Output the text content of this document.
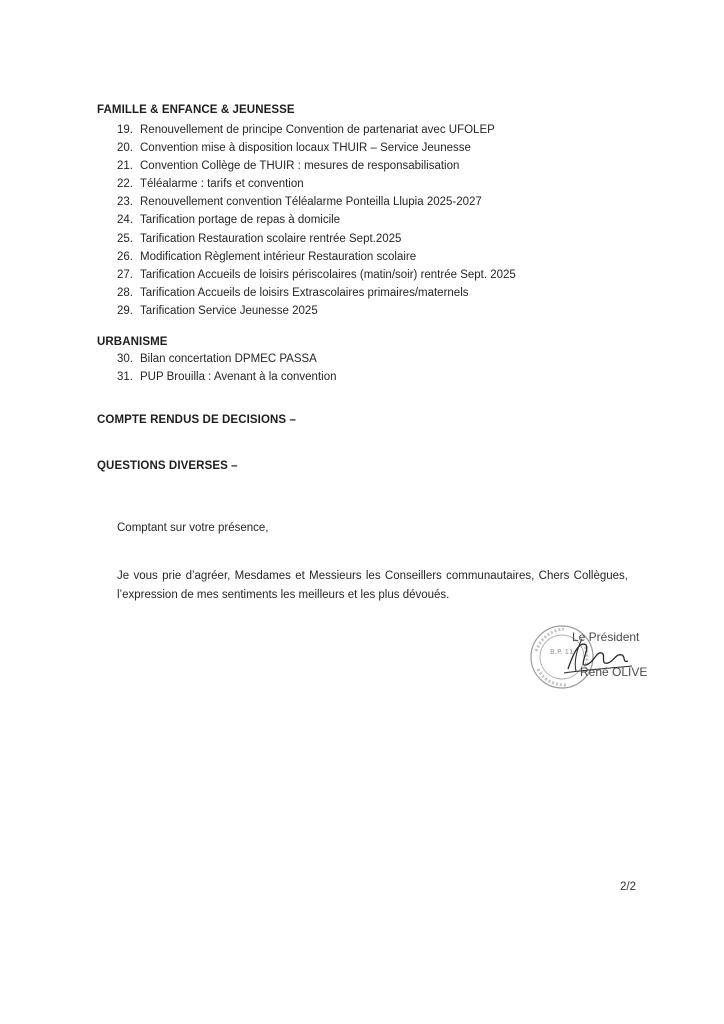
FAMILLE & ENFANCE & JEUNESSE
19. Renouvellement de principe Convention de partenariat avec UFOLEP
20. Convention mise à disposition locaux THUIR – Service Jeunesse
21. Convention Collège de THUIR : mesures de responsabilisation
22. Téléalarme : tarifs et convention
23. Renouvellement convention Téléalarme Ponteilla Llupia 2025-2027
24. Tarification portage de repas à domicile
25. Tarification Restauration scolaire rentrée Sept.2025
26. Modification Règlement intérieur Restauration scolaire
27. Tarification Accueils de loisirs périscolaires (matin/soir) rentrée Sept. 2025
28. Tarification Accueils de loisirs Extrascolaires primaires/maternels
29. Tarification Service Jeunesse 2025
URBANISME
30. Bilan concertation DPMEC PASSA
31. PUP Brouilla : Avenant à la convention
COMPTE RENDUS DE DECISIONS –
QUESTIONS DIVERSES –
Comptant sur votre présence,
Je vous prie d’agréer, Mesdames et Messieurs les Conseillers communautaires, Chers Collègues,
l’expression de mes sentiments les meilleurs et les plus dévoués.
B.P. 11
Le Président
René OLIVE
2/2
